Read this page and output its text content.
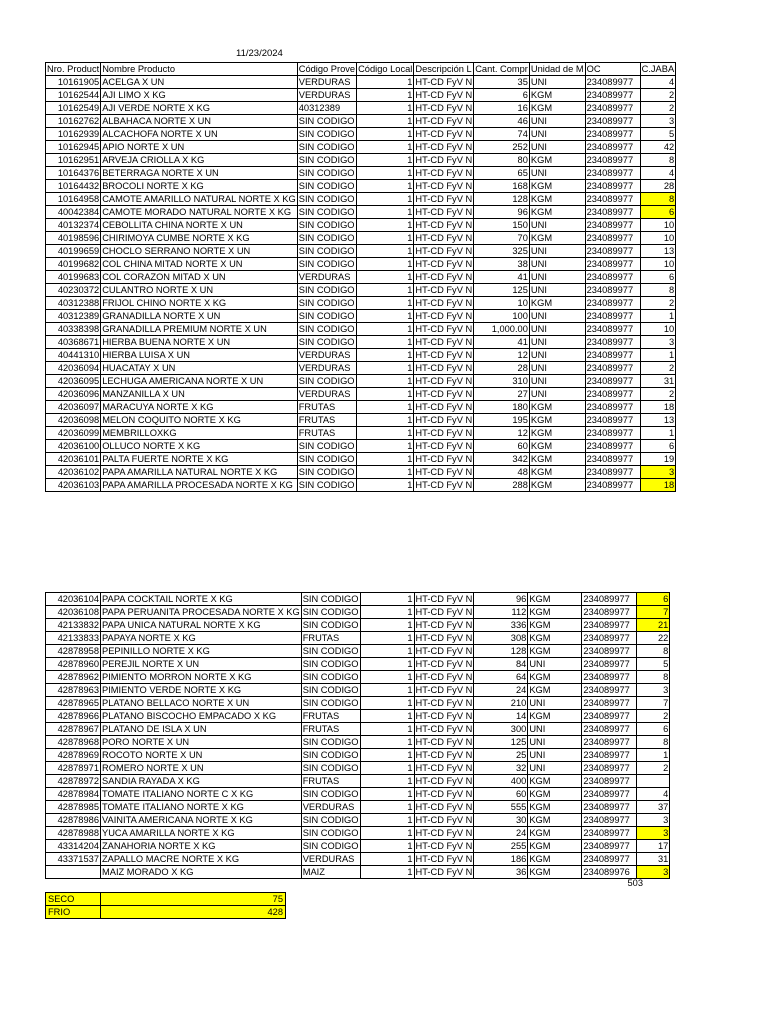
11/23/2024
Nro. Product	Nombre Producto	Código Prove	Código Local	Descripción L	Cant. Compr	Unidad de M	OC	C.JABA
10161905	ACELGA X UN	VERDURAS	1	HT-CD FyV N	35	UNI	234089977	4
10162544	AJI LIMO X KG	VERDURAS	1	HT-CD FyV N	6	KGM	234089977	2
10162549	AJI VERDE NORTE X KG	40312389	1	HT-CD FyV N	16	KGM	234089977	2
10162762	ALBAHACA NORTE X UN	SIN CODIGO	1	HT-CD FyV N	46	UNI	234089977	3
10162939	ALCACHOFA NORTE X UN	SIN CODIGO	1	HT-CD FyV N	74	UNI	234089977	5
10162945	APIO NORTE X UN	SIN CODIGO	1	HT-CD FyV N	252	UNI	234089977	42
10162951	ARVEJA CRIOLLA X KG	SIN CODIGO	1	HT-CD FyV N	80	KGM	234089977	8
10164376	BETERRAGA NORTE X UN	SIN CODIGO	1	HT-CD FyV N	65	UNI	234089977	4
10164432	BROCOLI NORTE X KG	SIN CODIGO	1	HT-CD FyV N	168	KGM	234089977	28
10164958	CAMOTE AMARILLO NATURAL NORTE X KG	SIN CODIGO	1	HT-CD FyV N	128	KGM	234089977	8
40042384	CAMOTE MORADO NATURAL NORTE X KG	SIN CODIGO	1	HT-CD FyV N	96	KGM	234089977	6
40132374	CEBOLLITA CHINA NORTE X UN	SIN CODIGO	1	HT-CD FyV N	150	UNI	234089977	10
40198596	CHIRIMOYA CUMBE NORTE X KG	SIN CODIGO	1	HT-CD FyV N	70	KGM	234089977	10
40199659	CHOCLO SERRANO NORTE X UN	SIN CODIGO	1	HT-CD FyV N	325	UNI	234089977	13
40199682	COL CHINA MITAD NORTE X UN	SIN CODIGO	1	HT-CD FyV N	38	UNI	234089977	10
40199683	COL CORAZON MITAD X UN	VERDURAS	1	HT-CD FyV N	41	UNI	234089977	6
40230372	CULANTRO NORTE X UN	SIN CODIGO	1	HT-CD FyV N	125	UNI	234089977	8
40312388	FRIJOL CHINO NORTE X KG	SIN CODIGO	1	HT-CD FyV N	10	KGM	234089977	2
40312389	GRANADILLA NORTE X UN	SIN CODIGO	1	HT-CD FyV N	100	UNI	234089977	1
40338398	GRANADILLA PREMIUM NORTE X UN	SIN CODIGO	1	HT-CD FyV N	1,000.00	UNI	234089977	10
40368671	HIERBA BUENA NORTE X UN	SIN CODIGO	1	HT-CD FyV N	41	UNI	234089977	3
40441310	HIERBA LUISA X UN	VERDURAS	1	HT-CD FyV N	12	UNI	234089977	1
42036094	HUACATAY X UN	VERDURAS	1	HT-CD FyV N	28	UNI	234089977	2
42036095	LECHUGA AMERICANA NORTE X UN	SIN CODIGO	1	HT-CD FyV N	310	UNI	234089977	31
42036096	MANZANILLA X UN	VERDURAS	1	HT-CD FyV N	27	UNI	234089977	2
42036097	MARACUYA NORTE X KG	FRUTAS	1	HT-CD FyV N	180	KGM	234089977	18
42036098	MELON COQUITO NORTE X KG	FRUTAS	1	HT-CD FyV N	195	KGM	234089977	13
42036099	MEMBRILLOXKG	FRUTAS	1	HT-CD FyV N	12	KGM	234089977	1
42036100	OLLUCO NORTE X KG	SIN CODIGO	1	HT-CD FyV N	60	KGM	234089977	6
42036101	PALTA FUERTE NORTE X KG	SIN CODIGO	1	HT-CD FyV N	342	KGM	234089977	19
42036102	PAPA AMARILLA NATURAL NORTE X KG	SIN CODIGO	1	HT-CD FyV N	48	KGM	234089977	3
42036103	PAPA AMARILLA PROCESADA NORTE X KG	SIN CODIGO	1	HT-CD FyV N	288	KGM	234089977	18
42036104	PAPA COCKTAIL NORTE X KG	SIN CODIGO	1	HT-CD FyV N	96	KGM	234089977	6
42036108	PAPA PERUANITA PROCESADA NORTE X KG	SIN CODIGO	1	HT-CD FyV N	112	KGM	234089977	7
42133832	PAPA UNICA NATURAL NORTE X KG	SIN CODIGO	1	HT-CD FyV N	336	KGM	234089977	21
42133833	PAPAYA NORTE X KG	FRUTAS	1	HT-CD FyV N	308	KGM	234089977	22
42878958	PEPINILLO NORTE X KG	SIN CODIGO	1	HT-CD FyV N	128	KGM	234089977	8
42878960	PEREJIL NORTE X UN	SIN CODIGO	1	HT-CD FyV N	84	UNI	234089977	5
42878962	PIMIENTO MORRON NORTE X KG	SIN CODIGO	1	HT-CD FyV N	64	KGM	234089977	8
42878963	PIMIENTO VERDE NORTE X KG	SIN CODIGO	1	HT-CD FyV N	24	KGM	234089977	3
42878965	PLATANO BELLACO NORTE X UN	SIN CODIGO	1	HT-CD FyV N	210	UNI	234089977	7
42878966	PLATANO BISCOCHO EMPACADO X KG	FRUTAS	1	HT-CD FyV N	14	KGM	234089977	2
42878967	PLATANO DE ISLA X UN	FRUTAS	1	HT-CD FyV N	300	UNI	234089977	6
42878968	PORO NORTE X UN	SIN CODIGO	1	HT-CD FyV N	125	UNI	234089977	8
42878969	ROCOTO NORTE X UN	SIN CODIGO	1	HT-CD FyV N	25	UNI	234089977	1
42878971	ROMERO NORTE X UN	SIN CODIGO	1	HT-CD FyV N	32	UNI	234089977	2
42878972	SANDIA RAYADA X KG	FRUTAS	1	HT-CD FyV N	400	KGM	234089977	
42878984	TOMATE ITALIANO NORTE C X KG	SIN CODIGO	1	HT-CD FyV N	60	KGM	234089977	4
42878985	TOMATE ITALIANO NORTE X KG	VERDURAS	1	HT-CD FyV N	555	KGM	234089977	37
42878986	VAINITA AMERICANA NORTE X KG	SIN CODIGO	1	HT-CD FyV N	30	KGM	234089977	3
42878988	YUCA AMARILLA NORTE X KG	SIN CODIGO	1	HT-CD FyV N	24	KGM	234089977	3
43314204	ZANAHORIA NORTE X KG	SIN CODIGO	1	HT-CD FyV N	255	KGM	234089977	17
43371537	ZAPALLO MACRE NORTE X KG	VERDURAS	1	HT-CD FyV N	186	KGM	234089977	31
	MAIZ MORADO X KG	MAIZ	1	HT-CD FyV N	36	KGM	234089976	3
503
SECO	75
FRIO	428
